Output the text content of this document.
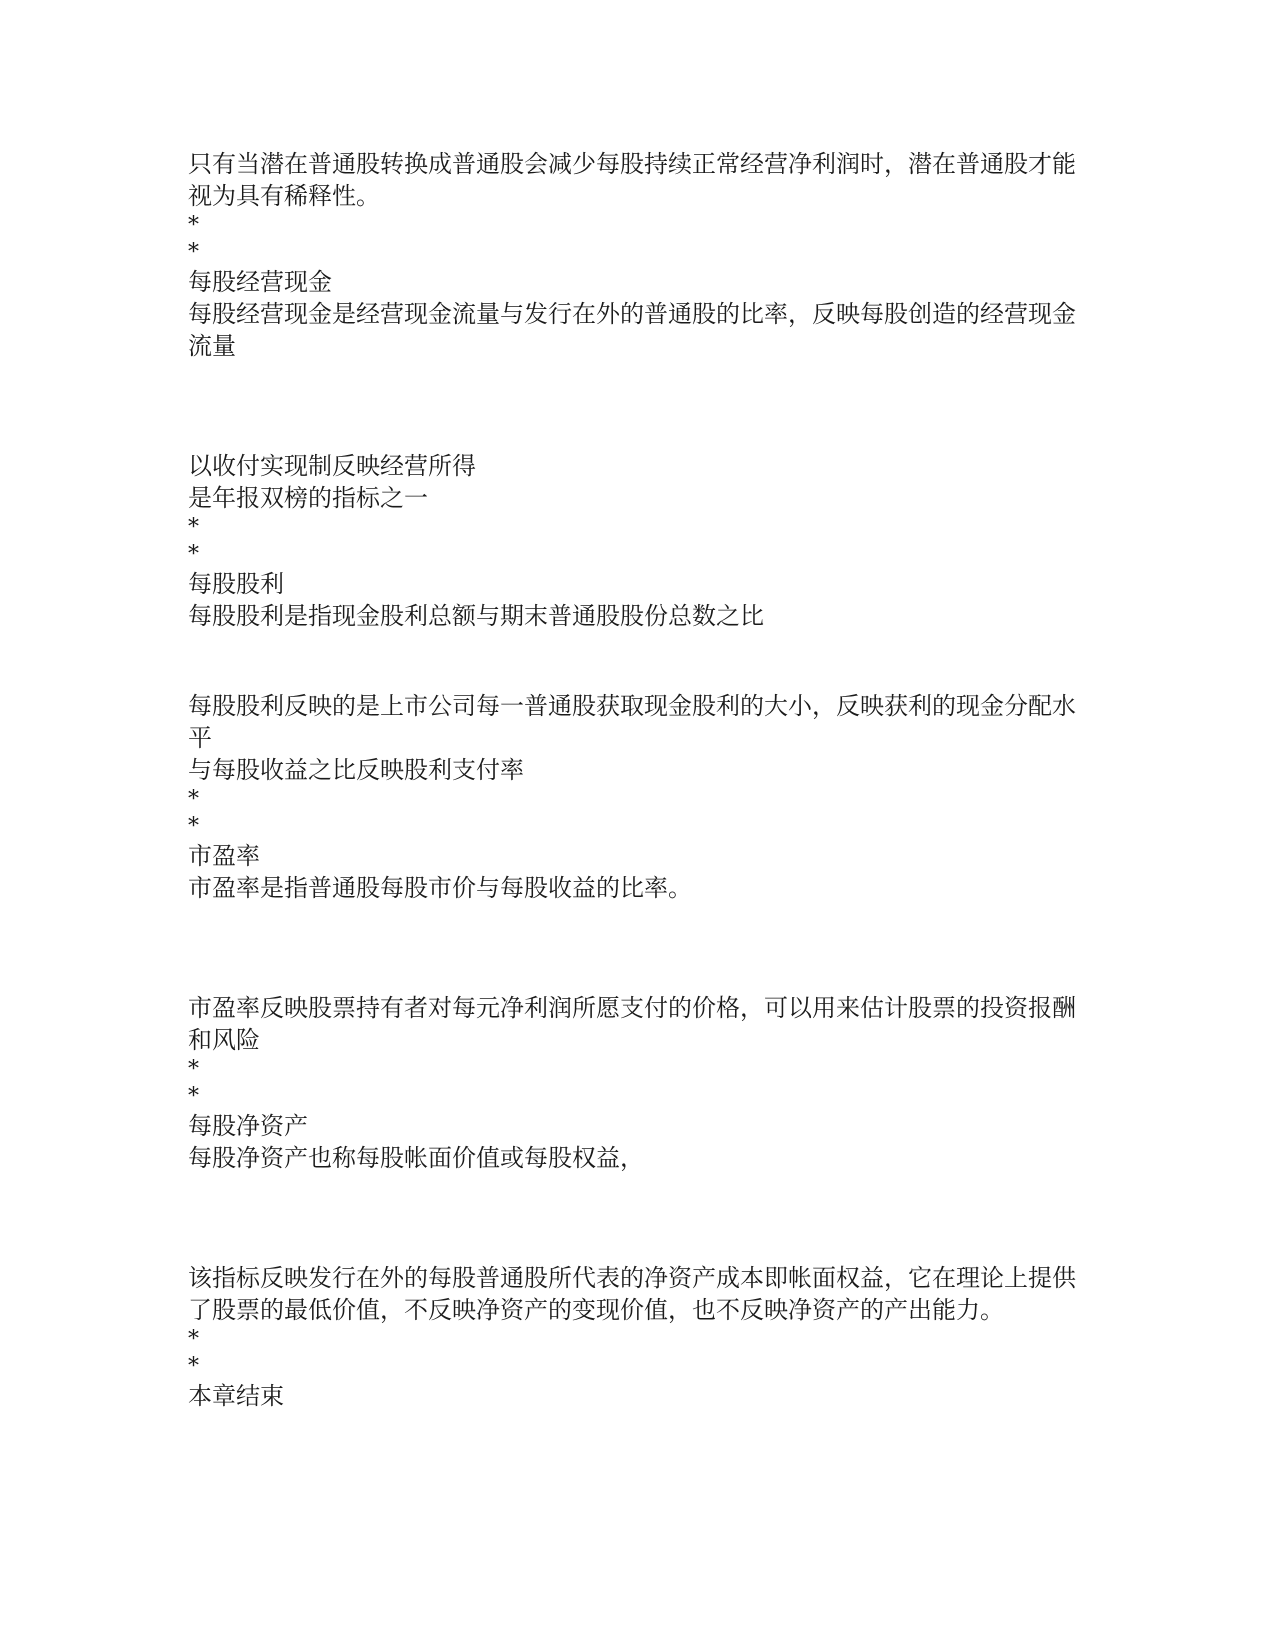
只有当潜在普通股转换成普通股会减少每股持续正常经营净利润时，潜在普通股才能视为具有稀释性。
*
*
每股经营现金
每股经营现金是经营现金流量与发行在外的普通股的比率，反映每股创造的经营现金流量
以收付实现制反映经营所得
是年报双榜的指标之一
*
*
每股股利
每股股利是指现金股利总额与期末普通股股份总数之比
每股股利反映的是上市公司每一普通股获取现金股利的大小，反映获利的现金分配水平
与每股收益之比反映股利支付率
*
*
市盈率
市盈率是指普通股每股市价与每股收益的比率。
市盈率反映股票持有者对每元净利润所愿支付的价格，可以用来估计股票的投资报酬和风险
*
*
每股净资产
每股净资产也称每股帐面价值或每股权益，
该指标反映发行在外的每股普通股所代表的净资产成本即帐面权益，它在理论上提供了股票的最低价值，不反映净资产的变现价值，也不反映净资产的产出能力。
*
*
本章结束
